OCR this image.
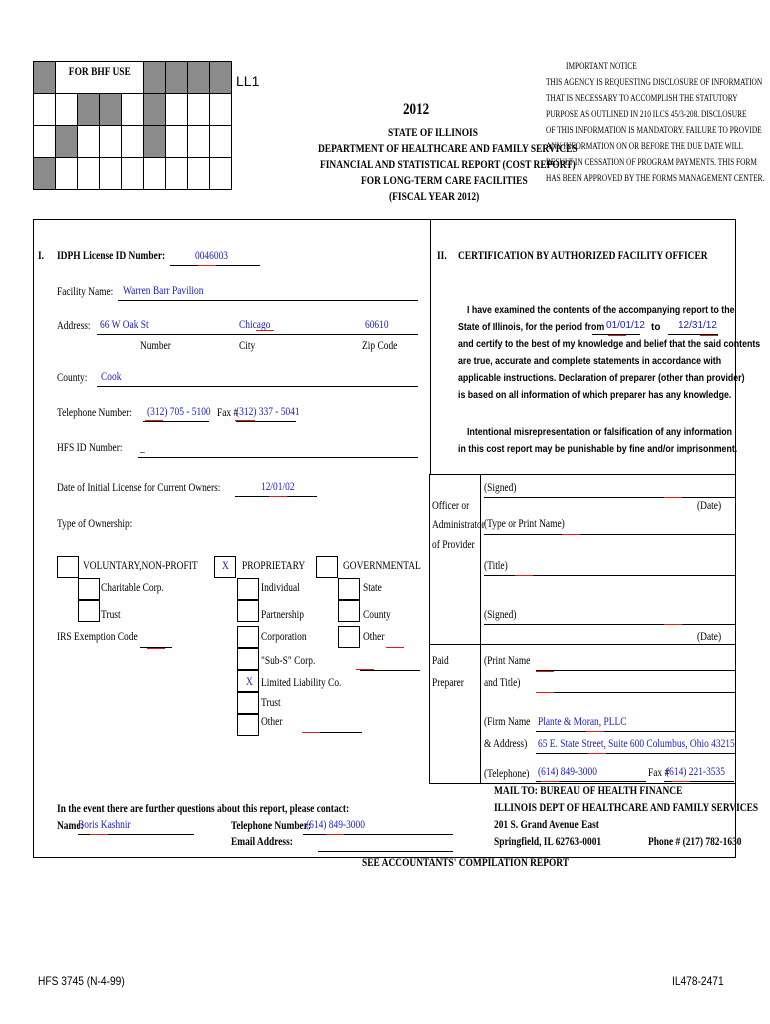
	FOR BHF USE							

LL1
2012
STATE OF ILLINOIS
DEPARTMENT OF HEALTHCARE AND FAMILY SERVICES
FINANCIAL AND STATISTICAL REPORT (COST REPORT)
FOR LONG-TERM CARE FACILITIES
(FISCAL YEAR 2012)
IMPORTANT NOTICE
THIS AGENCY IS REQUESTING DISCLOSURE OF INFORMATION
THAT IS NECESSARY TO ACCOMPLISH THE STATUTORY
PURPOSE AS OUTLINED IN 210 ILCS 45/3-208. DISCLOSURE
OF THIS INFORMATION IS MANDATORY. FAILURE TO PROVIDE
ANY INFORMATION ON OR BEFORE THE DUE DATE WILL
RESULT IN CESSATION OF PROGRAM PAYMENTS. THIS FORM
HAS BEEN APPROVED BY THE FORMS MANAGEMENT CENTER.
I. IDPH License ID Number:	0046003
Facility Name: Warren Barr Pavilion
Address: 66 W Oak St	Chicago	60610
Number	City	Zip Code
County: Cook
Telephone Number: (312) 705 - 5100 Fax #
(312) 337 - 5041
HFS ID Number: _
Date of Initial License for Current Owners:	12/01/02
Type of Ownership:
VOLUNTARY,NON-PROFIT
Charitable Corp.
Trust
IRS Exemption Code
X PROPRIETARY
Individual
Partnership
Corporation
"Sub-S" Corp.
X Limited Liability Co.
Trust
Other
GOVERNMENTAL
State
County
Other
In the event there are further questions about this report, please contact:
Name:
Boris Kashnir	Telephone Number:
(614) 849-3000
Email Address:
II. CERTIFICATION BY AUTHORIZED FACILITY OFFICER
I have examined the contents of the accompanying report to the
State of Illinois, for the period from 01/01/12 to 12/31/12
and certify to the best of my knowledge and belief that the said contents
are true, accurate and complete statements in accordance with
applicable instructions. Declaration of preparer (other than provider)
is based on all information of which preparer has any knowledge.
Intentional misrepresentation or falsification of any information
in this cost report may be punishable by fine and/or imprisonment.
Officer or
Administrator
of Provider
(Signed)
(Date)
(Type or Print Name)
(Title)
(Signed)
(Date)
Paid
Preparer
(Print Name
and Title)
(Firm Name Plante & Moran, PLLC
& Address) 65 E. State Street, Suite 600 Columbus, Ohio 43215
(Telephone) (614) 849-3000	Fax #
(614) 221-3535
MAIL TO: BUREAU OF HEALTH FINANCE
ILLINOIS DEPT OF HEALTHCARE AND FAMILY SERVICES
201 S. Grand Avenue East
Springfield, IL 62763-0001	Phone # (217) 782-1630
SEE ACCOUNTANTS' COMPILATION REPORT
HFS 3745 (N-4-99)	IL478-2471
